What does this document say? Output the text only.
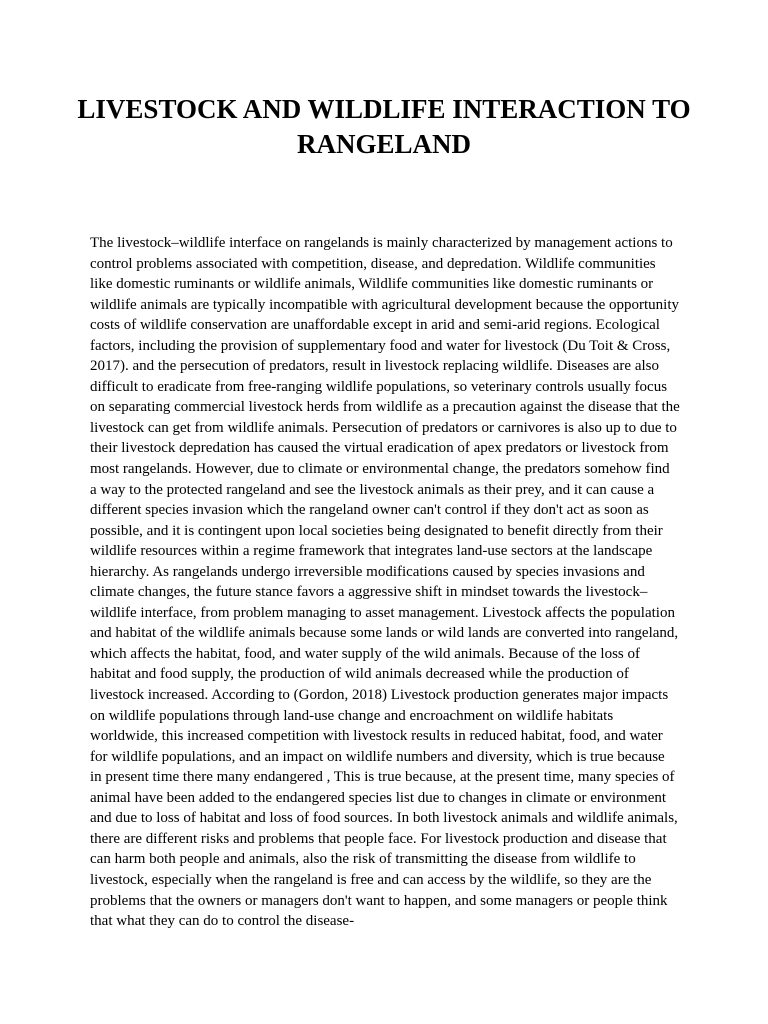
LIVESTOCK AND WILDLIFE INTERACTION TO RANGELAND

The livestock–wildlife interface on rangelands is mainly characterized by management actions to control problems associated with competition, disease, and depredation. Wildlife communities like domestic ruminants or wildlife animals, Wildlife communities like domestic ruminants or wildlife animals are typically incompatible with agricultural development because the opportunity costs of wildlife conservation are unaffordable except in arid and semi-arid regions. Ecological factors, including the provision of supplementary food and water for livestock (Du Toit & Cross, 2017). and the persecution of predators, result in livestock replacing wildlife. Diseases are also difficult to eradicate from free-ranging wildlife populations, so veterinary controls usually focus on separating commercial livestock herds from wildlife as a precaution against the disease that the livestock can get from wildlife animals. Persecution of predators or carnivores is also up to due to their livestock depredation has caused the virtual eradication of apex predators or livestock from most rangelands. However, due to climate or environmental change, the predators somehow find a way to the protected rangeland and see the livestock animals as their prey, and it can cause a different species invasion which the rangeland owner can't control if they don't act as soon as possible, and it is contingent upon local societies being designated to benefit directly from their wildlife resources within a regime framework that integrates land-use sectors at the landscape hierarchy. As rangelands undergo irreversible modifications caused by species invasions and climate changes, the future stance favors a aggressive shift in mindset towards the livestock–wildlife interface, from problem managing to asset management. Livestock affects the population and habitat of the wildlife animals because some lands or wild lands are converted into rangeland, which affects the habitat, food, and water supply of the wild animals. Because of the loss of habitat and food supply, the production of wild animals decreased while the production of livestock increased. According to (Gordon, 2018) Livestock production generates major impacts on wildlife populations through land-use change and encroachment on wildlife habitats worldwide, this increased competition with livestock results in reduced habitat, food, and water for wildlife populations, and an impact on wildlife numbers and diversity, which is true because in present time there many endangered , This is true because, at the present time, many species of animal have been added to the endangered species list due to changes in climate or environment and due to loss of habitat and loss of food sources. In both livestock animals and wildlife animals, there are different risks and problems that people face. For livestock production and disease that can harm both people and animals, also the risk of transmitting the disease from wildlife to livestock, especially when the rangeland is free and can access by the wildlife, so they are the problems that the owners or managers don't want to happen, and some managers or people think that what they can do to control the disease-
